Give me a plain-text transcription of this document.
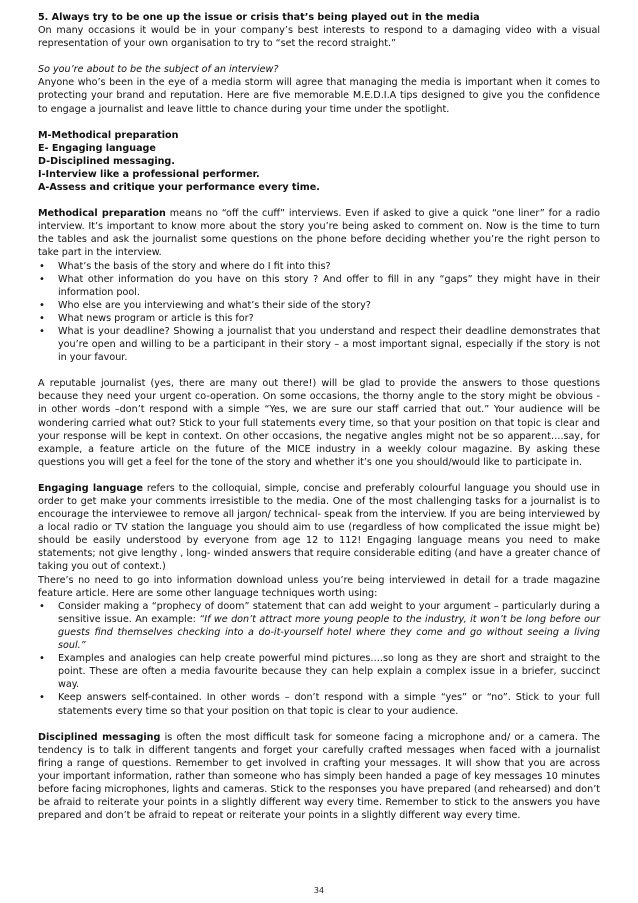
5. Always try to be one up the issue or crisis that’s being played out in the media

On many occasions it would be in your company’s best interests to respond to a damaging video with a visual representation of your own organisation to try to “set the record straight.”

So you’re about to be the subject of an interview?

Anyone who’s been in the eye of a media storm will agree that managing the media is important when it comes to protecting your brand and reputation. Here are five memorable M.E.D.I.A tips designed to give you the confidence to engage a journalist and leave little to chance during your time under the spotlight.

M-Methodical preparation

E- Engaging language

D-Disciplined messaging.

I-Interview like a professional performer.

A-Assess and critique your performance every time.

Methodical preparation means no “off the cuff” interviews. Even if asked to give a quick “one liner” for a radio interview. It’s important to know more about the story you’re being asked to comment on. Now is the time to turn the tables and ask the journalist some questions on the phone before deciding whether you’re the right person to take part in the interview.

• What’s the basis of the story and where do I fit into this?
• What other information do you have on this story ? And offer to fill in any “gaps” they might have in their information pool.
• Who else are you interviewing and what’s their side of the story?
• What news program or article is this for?
• What is your deadline? Showing a journalist that you understand and respect their deadline demonstrates that you’re open and willing to be a participant in their story – a most important signal, especially if the story is not in your favour.

A reputable journalist (yes, there are many out there!) will be glad to provide the answers to those questions because they need your urgent co-operation. On some occasions, the thorny angle to the story might be obvious - in other words –don’t respond with a simple “Yes, we are sure our staff carried that out.” Your audience will be wondering carried what out? Stick to your full statements every time, so that your position on that topic is clear and your response will be kept in context. On other occasions, the negative angles might not be so apparent….say, for example, a feature article on the future of the MICE industry in a weekly colour magazine. By asking these questions you will get a feel for the tone of the story and whether it’s one you should/would like to participate in.

Engaging language refers to the colloquial, simple, concise and preferably colourful language you should use in order to get make your comments irresistible to the media. One of the most challenging tasks for a journalist is to encourage the interviewee to remove all jargon/ technical- speak from the interview. If you are being interviewed by a local radio or TV station the language you should aim to use (regardless of how complicated the issue might be) should be easily understood by everyone from age 12 to 112! Engaging language means you need to make statements; not give lengthy , long- winded answers that require considerable editing (and have a greater chance of taking you out of context.)

There’s no need to go into information download unless you’re being interviewed in detail for a trade magazine feature article. Here are some other language techniques worth using:

• Consider making a “prophecy of doom” statement that can add weight to your argument – particularly during a sensitive issue. An example: “If we don’t attract more young people to the industry, it won’t be long before our guests find themselves checking into a do-it-yourself hotel where they come and go without seeing a living soul.”
• Examples and analogies can help create powerful mind pictures….so long as they are short and straight to the point. These are often a media favourite because they can help explain a complex issue in a briefer, succinct way.
• Keep answers self-contained. In other words – don’t respond with a simple “yes” or “no”. Stick to your full statements every time so that your position on that topic is clear to your audience.

Disciplined messaging is often the most difficult task for someone facing a microphone and/ or a camera. The tendency is to talk in different tangents and forget your carefully crafted messages when faced with a journalist firing a range of questions. Remember to get involved in crafting your messages. It will show that you are across your important information, rather than someone who has simply been handed a page of key messages 10 minutes before facing microphones, lights and cameras. Stick to the responses you have prepared (and rehearsed) and don’t be afraid to reiterate your points in a slightly different way every time. Remember to stick to the answers you have prepared and don’t be afraid to repeat or reiterate your points in a slightly different way every time.

34
